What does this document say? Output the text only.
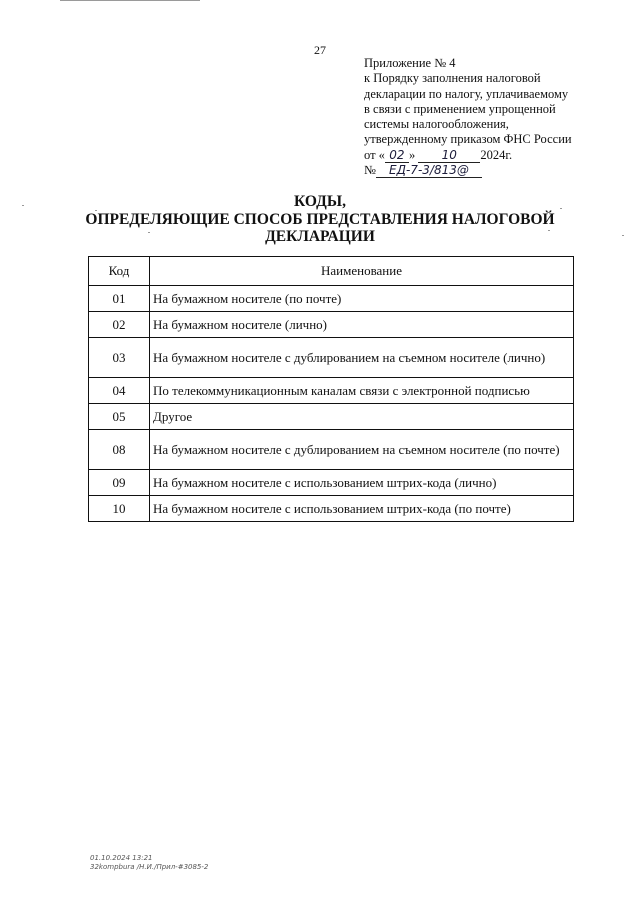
27
Приложение № 4
к Порядку заполнения налоговой
декларации по налогу, уплачиваемому
в связи с применением упрощенной
системы налогообложения,
утвержденному приказом ФНС России
от « 02 » 10 2024г.
№ ЕД-7-3/813@
КОДЫ,
ОПРЕДЕЛЯЮЩИЕ СПОСОБ ПРЕДСТАВЛЕНИЯ НАЛОГОВОЙ
ДЕКЛАРАЦИИ
Код	Наименование
01	На бумажном носителе (по почте)
02	На бумажном носителе (лично)
03	На бумажном носителе с дублированием на съемном носителе (лично)
04	По телекоммуникационным каналам связи с электронной подписью
05	Другое
08	На бумажном носителе с дублированием на съемном носителе (по почте)
09	На бумажном носителе с использованием штрих-кода (лично)
10	На бумажном носителе с использованием штрих-кода (по почте)
01.10.2024 13:21
32kompbura /Н.И./Прил-#3085-2
